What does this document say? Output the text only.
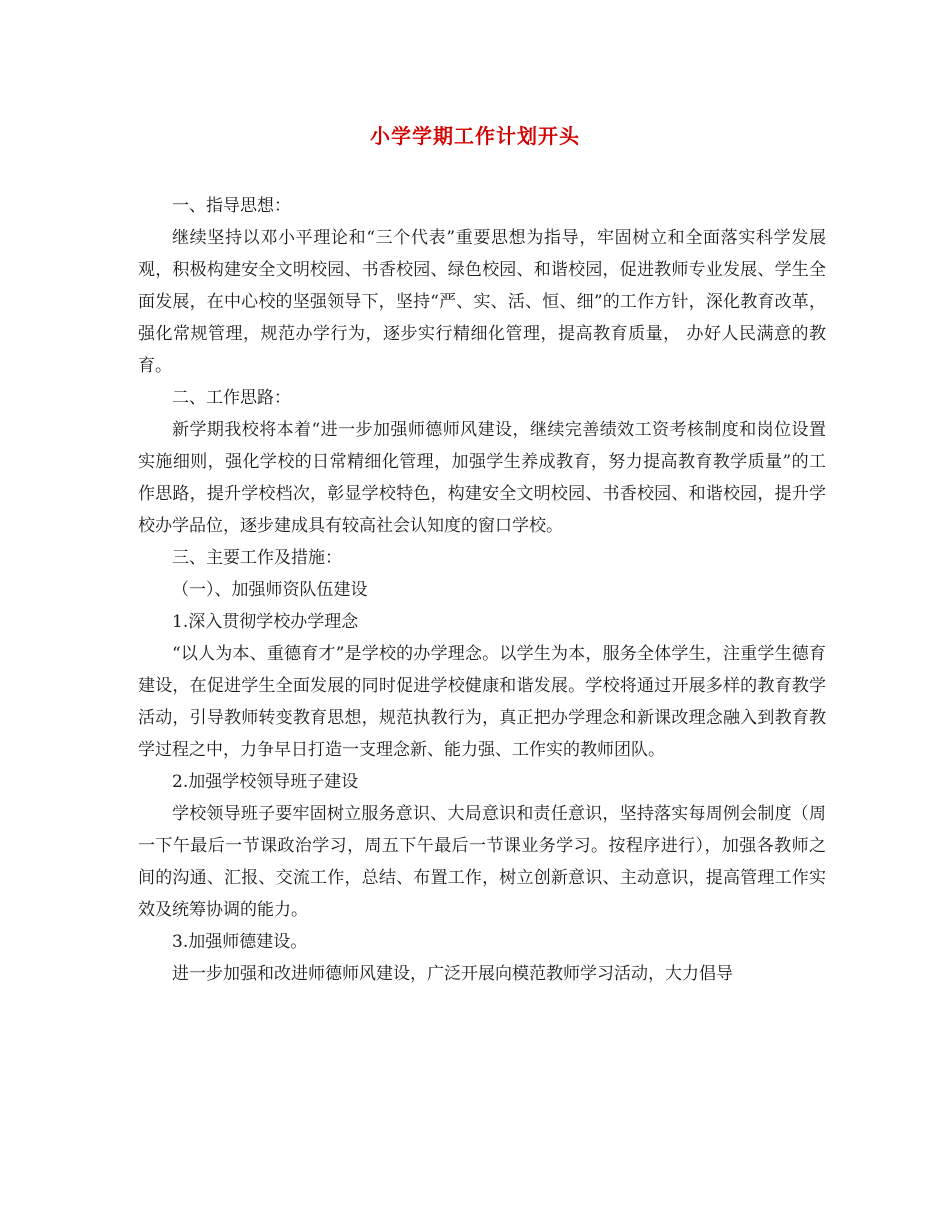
小学学期工作计划开头

一、指导思想：

继续坚持以邓小平理论和“三个代表”重要思想为指导，牢固树立和全面落实科学发展观，积极构建安全文明校园、书香校园、绿色校园、和谐校园，促进教师专业发展、学生全面发展，在中心校的坚强领导下，坚持“严、实、活、恒、细”的工作方针，深化教育改革，强化常规管理，规范办学行为，逐步实行精细化管理，提高教育质量， 办好人民满意的教育。

二、工作思路：

新学期我校将本着“进一步加强师德师风建设，继续完善绩效工资考核制度和岗位设置实施细则，强化学校的日常精细化管理，加强学生养成教育，努力提高教育教学质量”的工作思路，提升学校档次，彰显学校特色，构建安全文明校园、书香校园、和谐校园，提升学校办学品位，逐步建成具有较高社会认知度的窗口学校。

三、主要工作及措施：

（一）、加强师资队伍建设

1.深入贯彻学校办学理念

“以人为本、重德育才”是学校的办学理念。以学生为本，服务全体学生，注重学生德育建设，在促进学生全面发展的同时促进学校健康和谐发展。学校将通过开展多样的教育教学活动，引导教师转变教育思想，规范执教行为，真正把办学理念和新课改理念融入到教育教学过程之中，力争早日打造一支理念新、能力强、工作实的教师团队。

2.加强学校领导班子建设

学校领导班子要牢固树立服务意识、大局意识和责任意识，坚持落实每周例会制度（周一下午最后一节课政治学习，周五下午最后一节课业务学习。按程序进行），加强各教师之间的沟通、汇报、交流工作，总结、布置工作，树立创新意识、主动意识，提高管理工作实效及统筹协调的能力。

3.加强师德建设。

进一步加强和改进师德师风建设，广泛开展向模范教师学习活动，大力倡导
